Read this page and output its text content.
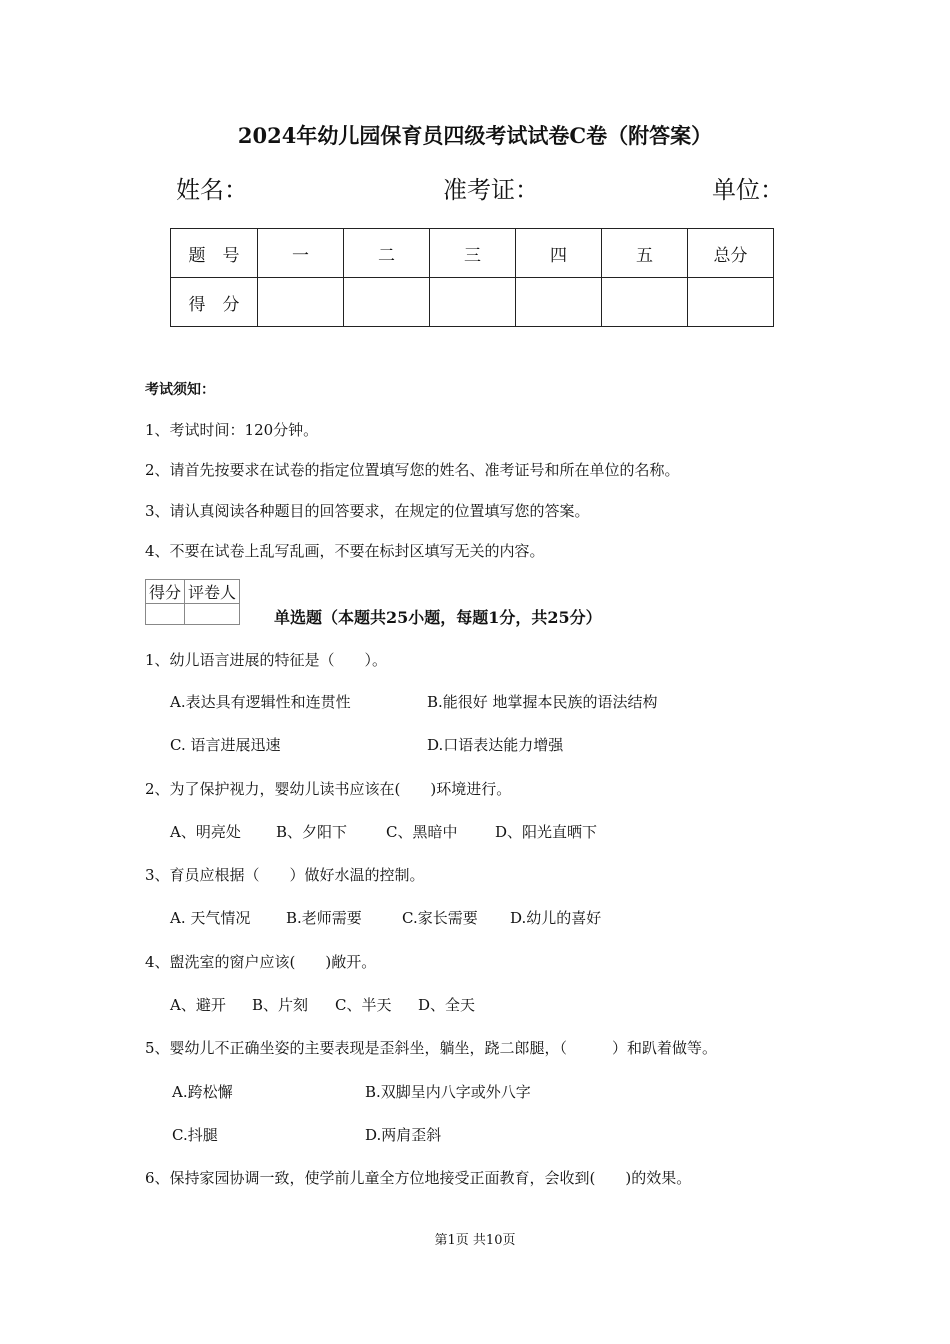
2024年幼儿园保育员四级考试试卷C卷（附答案）
姓名：	准考证：	单位：
题　号	一	二	三	四	五	总分
得　分						
考试须知：
1、考试时间：120分钟。
2、请首先按要求在试卷的指定位置填写您的姓名、准考证号和所在单位的名称。
3、请认真阅读各种题目的回答要求，在规定的位置填写您的答案。
4、不要在试卷上乱写乱画，不要在标封区填写无关的内容。
得分	评卷人

单选题（本题共25小题，每题1分，共25分）
1、幼儿语言进展的特征是（　　）。
A.表达具有逻辑性和连贯性	B.能很好 地掌握本民族的语法结构
C. 语言进展迅速	D.口语表达能力增强
2、为了保护视力，婴幼儿读书应该在(　　)环境进行。
A、明亮处 B、夕阳下	C、黑暗中	D、阳光直晒下
3、育员应根据（　　）做好水温的控制。
A. 天气情况 B.老师需要	C.家长需要 D.幼儿的喜好
4、盥洗室的窗户应该(　　)敞开。
A、避开 B、片刻 C、半天 D、全天
5、婴幼儿不正确坐姿的主要表现是歪斜坐，躺坐，跷二郎腿，（　　　）和趴着做等。
A.跨松懈	B.双脚呈内八字或外八字
C.抖腿	D.两肩歪斜
6、保持家园协调一致，使学前儿童全方位地接受正面教育，会收到(　　)的效果。
第1页 共10页
